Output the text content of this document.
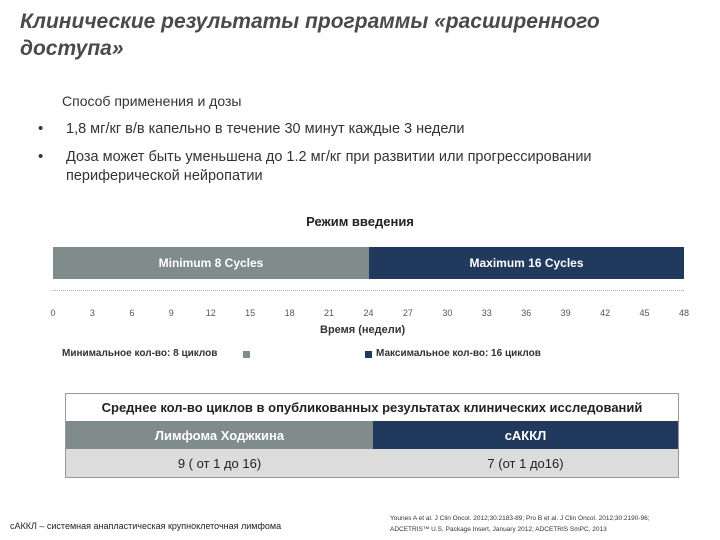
Клинические результаты программы «расширенного
доступа»
Способ применения и дозы
• 1,8 мг/кг в/в капельно в течение 30 минут каждые 3 недели
• Доза может быть уменьшена до 1.2 мг/кг при развитии или прогрессировании
периферической нейропатии
Режим введения
Minimum 8 Cycles	Maximum 16 Cycles
0	3	6	9	12	15	18	21	24	27	30	33	36	39	42	45	48
Время (недели)
Минимальное кол-во: 8 циклов	Максимальное кол-во: 16 циклов
Среднее кол-во циклов в опубликованных результатах клинических исследований
Лимфома Ходжкина	сАККЛ
9 ( от 1 до 16)	7 (от 1 до16)
сАККЛ – системная анапластическая крупноклеточная лимфома
Younes A et al. J Clin Oncol. 2012;30:2183-89; Pro B et al. J Clin Oncol. 2012;30:2190-96;
ADCETRIS™ U.S. Package Insert, January 2012; ADCETRIS SmPC, 2013
